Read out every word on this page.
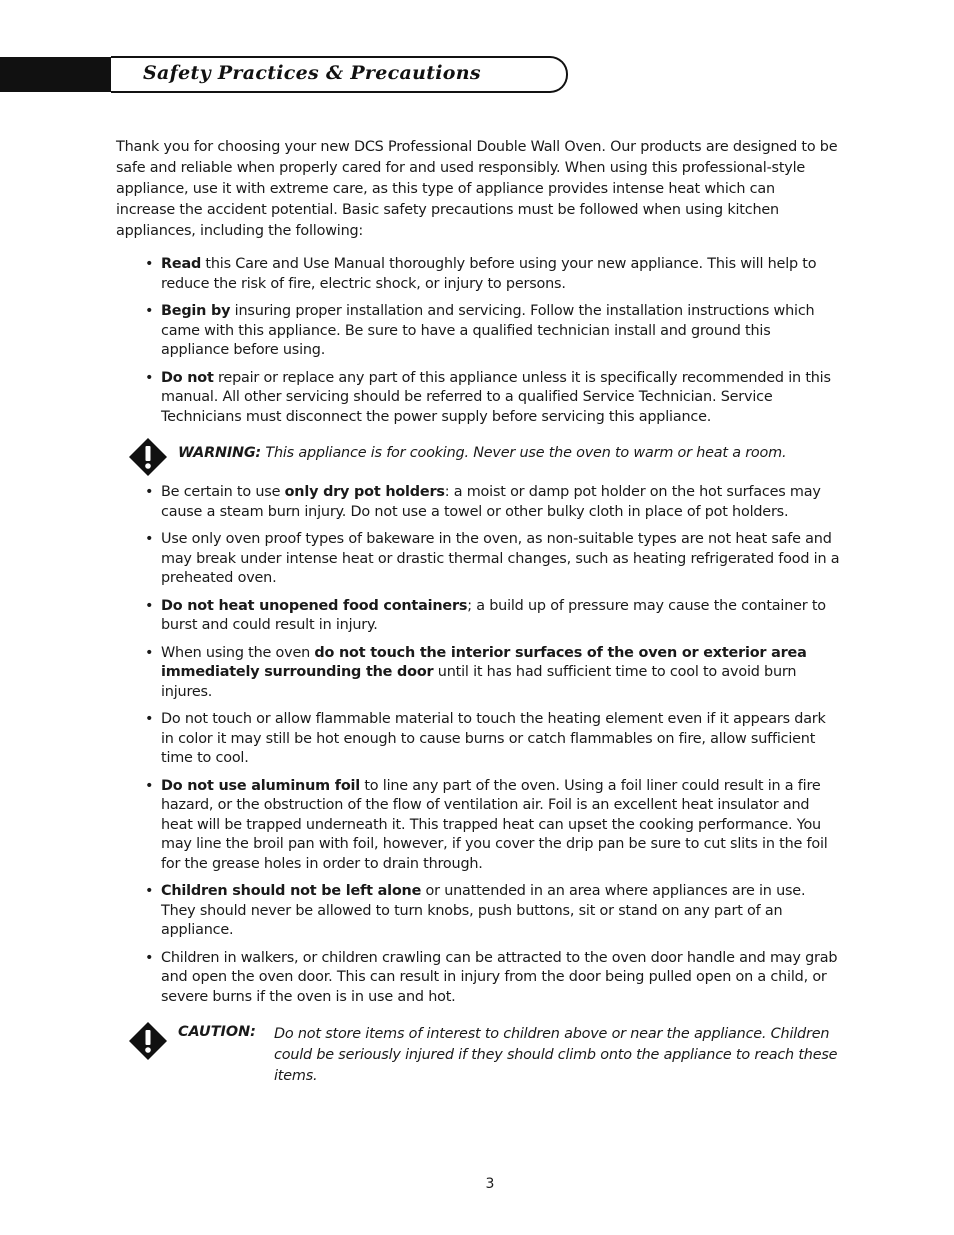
Safety Practices & Precautions

Thank you for choosing your new DCS Professional Double Wall Oven. Our products are designed to be safe and reliable when properly cared for and used responsibly. When using this professional-style appliance, use it with extreme care, as this type of appliance provides intense heat which can increase the accident potential. Basic safety precautions must be followed when using kitchen appliances, including the following:

• Read this Care and Use Manual thoroughly before using your new appliance. This will help to reduce the risk of fire, electric shock, or injury to persons.
• Begin by insuring proper installation and servicing. Follow the installation instructions which came with this appliance. Be sure to have a qualified technician install and ground this appliance before using.
• Do not repair or replace any part of this appliance unless it is specifically recommended in this manual. All other servicing should be referred to a qualified Service Technician. Service Technicians must disconnect the power supply before servicing this appliance.
WARNING: This appliance is for cooking. Never use the oven to warm or heat a room.
• Be certain to use only dry pot holders: a moist or damp pot holder on the hot surfaces may cause a steam burn injury. Do not use a towel or other bulky cloth in place of pot holders.
• Use only oven proof types of bakeware in the oven, as non-suitable types are not heat safe and may break under intense heat or drastic thermal changes, such as heating refrigerated food in a preheated oven.
• Do not heat unopened food containers; a build up of pressure may cause the container to burst and could result in injury.
• When using the oven do not touch the interior surfaces of the oven or exterior area immediately surrounding the door until it has had sufficient time to cool to avoid burn injures.
• Do not touch or allow flammable material to touch the heating element even if it appears dark in color it may still be hot enough to cause burns or catch flammables on fire, allow sufficient time to cool.
• Do not use aluminum foil to line any part of the oven. Using a foil liner could result in a fire hazard, or the obstruction of the flow of ventilation air. Foil is an excellent heat insulator and heat will be trapped underneath it. This trapped heat can upset the cooking performance. You may line the broil pan with foil, however, if you cover the drip pan be sure to cut slits in the foil for the grease holes in order to drain through.
• Children should not be left alone or unattended in an area where appliances are in use. They should never be allowed to turn knobs, push buttons, sit or stand on any part of an appliance.
• Children in walkers, or children crawling can be attracted to the oven door handle and may grab and open the oven door. This can result in injury from the door being pulled open on a child, or severe burns if the oven is in use and hot.
CAUTION: Do not store items of interest to children above or near the appliance. Children could be seriously injured if they should climb onto the appliance to reach these items.
3
